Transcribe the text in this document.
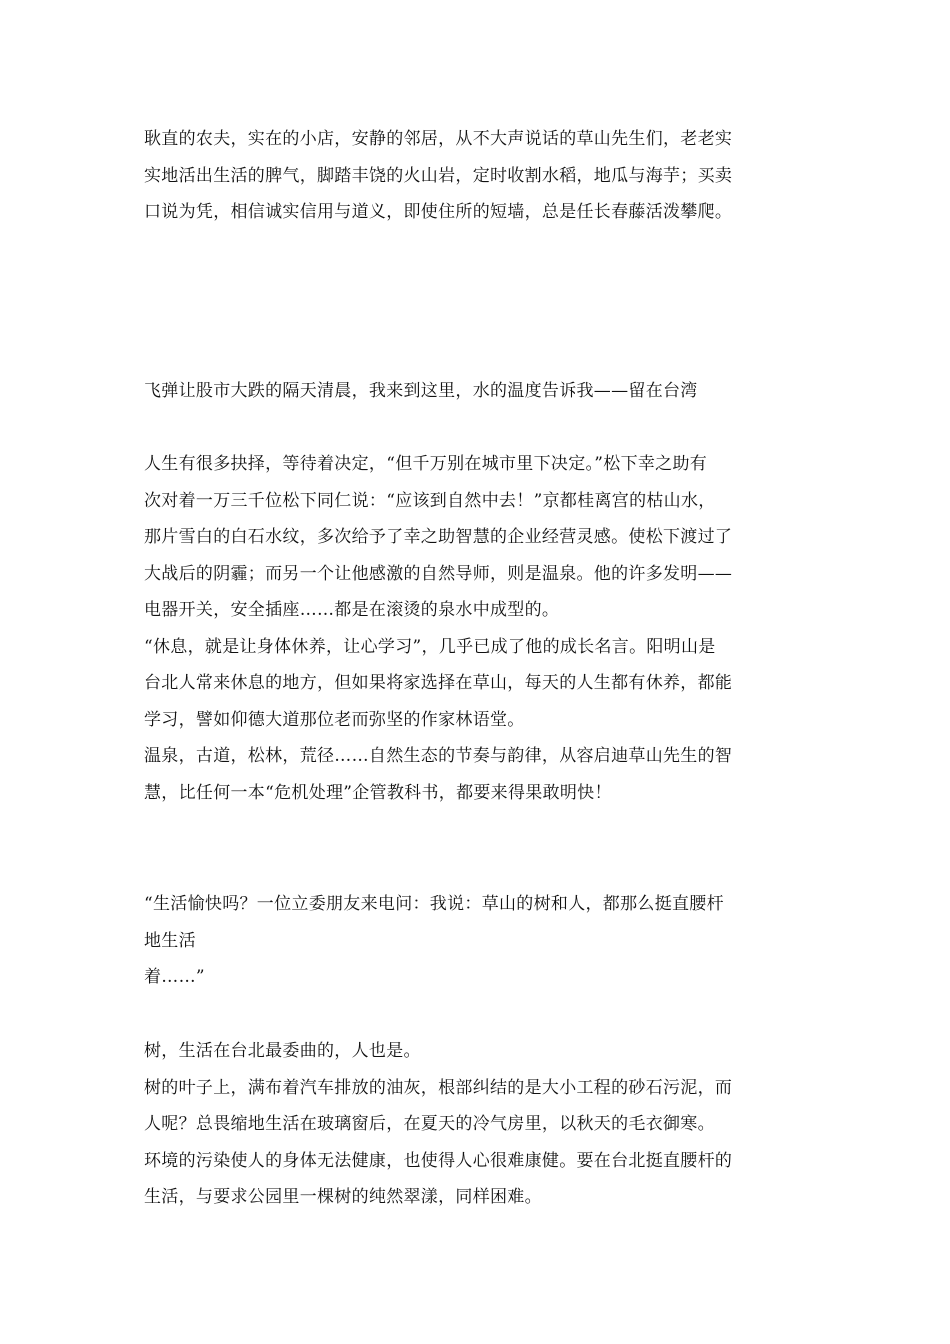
耿直的农夫，实在的小店，安静的邻居，从不大声说话的草山先生们，老老实
实地活出生活的脾气，脚踏丰饶的火山岩，定时收割水稻，地瓜与海芋；买卖
口说为凭，相信诚实信用与道义，即使住所的短墙，总是任长春藤活泼攀爬。
飞弹让股市大跌的隔天清晨，我来到这里，水的温度告诉我——留在台湾
人生有很多抉择，等待着决定，“但千万别在城市里下决定。”松下幸之助有
次对着一万三千位松下同仁说：“应该到自然中去！”京都桂离宫的枯山水，
那片雪白的白石水纹，多次给予了幸之助智慧的企业经营灵感。使松下渡过了
大战后的阴霾；而另一个让他感激的自然导师，则是温泉。他的许多发明——
电器开关，安全插座……都是在滚烫的泉水中成型的。
“休息，就是让身体休养，让心学习”，几乎已成了他的成长名言。阳明山是
台北人常来休息的地方，但如果将家选择在草山，每天的人生都有休养，都能
学习，譬如仰德大道那位老而弥坚的作家林语堂。
温泉，古道，松林，荒径……自然生态的节奏与韵律，从容启迪草山先生的智
慧，比任何一本“危机处理”企管教科书，都要来得果敢明快！
“生活愉快吗？一位立委朋友来电问：我说：草山的树和人，都那么挺直腰杆
地生活
着……”
树，生活在台北最委曲的，人也是。
树的叶子上，满布着汽车排放的油灰，根部纠结的是大小工程的砂石污泥，而
人呢？总畏缩地生活在玻璃窗后，在夏天的冷气房里，以秋天的毛衣御寒。
环境的污染使人的身体无法健康，也使得人心很难康健。要在台北挺直腰杆的
生活，与要求公园里一棵树的纯然翠漾，同样困难。
